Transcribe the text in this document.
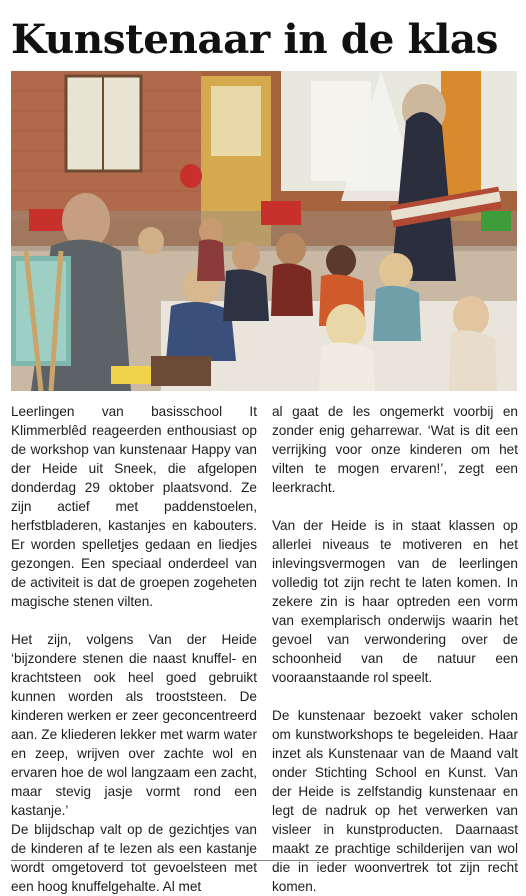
Kunstenaar in de klas

Leerlingen van basisschool It Klimmerblêd reageerden enthousiast op de workshop van kunstenaar Happy van der Heide uit Sneek, die afgelopen donderdag 29 oktober plaatsvond. Ze zijn actief met paddenstoelen, herfstbladeren, kastanjes en kabouters. Er worden spelletjes gedaan en liedjes gezongen. Een speciaal onderdeel van de activiteit is dat de groepen zogeheten magische stenen vilten.

Het zijn, volgens Van der Heide ‘bijzondere stenen die naast knuffel- en krachtsteen ook heel goed gebruikt kunnen worden als trooststeen. De kinderen werken er zeer geconcentreerd aan. Ze kliederen lekker met warm water en zeep, wrijven over zachte wol en ervaren hoe de wol langzaam een zacht, maar stevig jasje vormt rond een kastanje.’

De blijdschap valt op de gezichtjes van de kinderen af te lezen als een kastanje wordt omgetoverd tot gevoelsteen met een hoog knuffelgehalte. Al met

al gaat de les ongemerkt voorbij en zonder enig geharrewar. ‘Wat is dit een verrijking voor onze kinderen om het vilten te mogen ervaren!’, zegt een leerkracht.

Van der Heide is in staat klassen op allerlei niveaus te motiveren en het inlevingsvermogen van de leerlingen volledig tot zijn recht te laten komen. In zekere zin is haar optreden een vorm van exemplarisch onderwijs waarin het gevoel van verwondering over de schoonheid van de natuur een vooraanstaande rol speelt.

De kunstenaar bezoekt vaker scholen om kunstworkshops te begeleiden. Haar inzet als Kunstenaar van de Maand valt onder Stichting School en Kunst. Van der Heide is zelfstandig kunstenaar en legt de nadruk op het verwerken van visleer in kunstproducten. Daarnaast maakt ze prachtige schilderijen van wol die in ieder woonvertrek tot zijn recht komen.
